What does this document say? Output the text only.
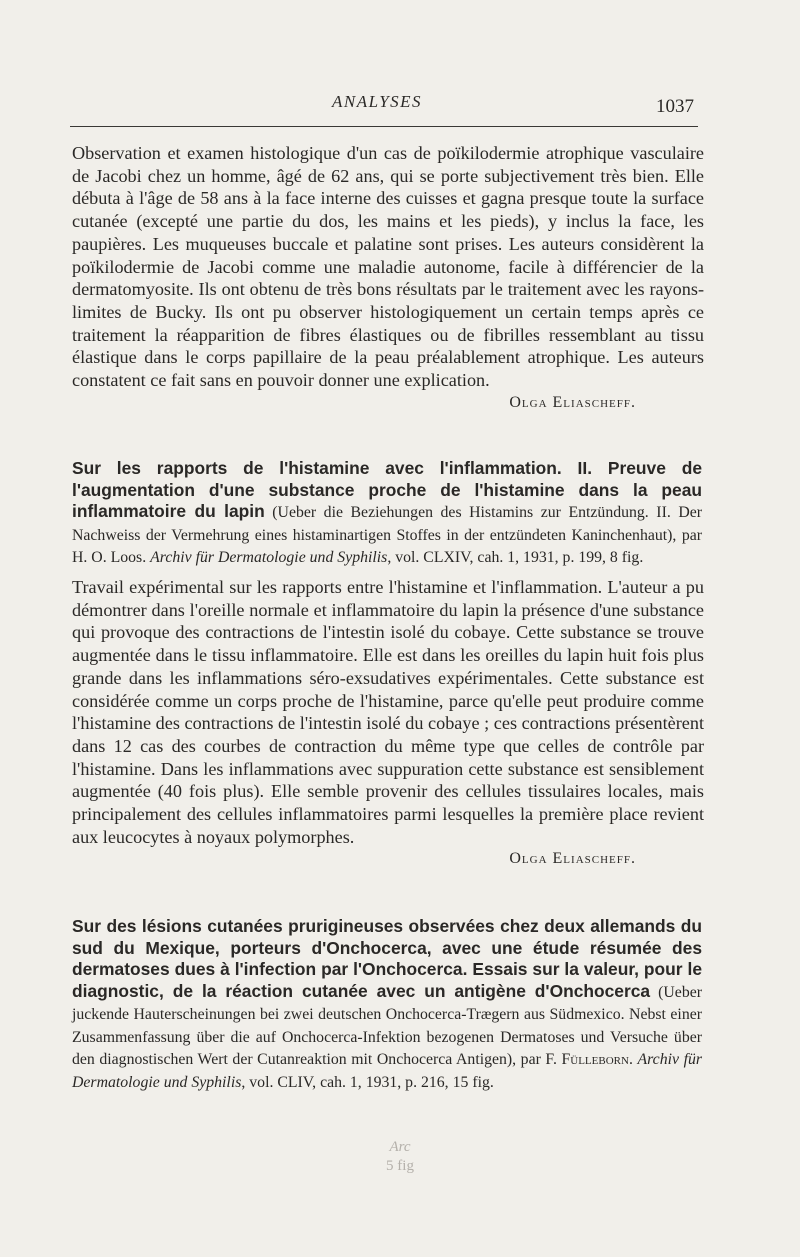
ANALYSES	1037
Observation et examen histologique d'un cas de poïkilodermie atrophique vasculaire de Jacobi chez un homme, âgé de 62 ans, qui se porte subjectivement très bien. Elle débuta à l'âge de 58 ans à la face interne des cuisses et gagna presque toute la surface cutanée (excepté une partie du dos, les mains et les pieds), y inclus la face, les paupières. Les muqueuses buccale et palatine sont prises. Les auteurs considèrent la poïkilodermie de Jacobi comme une maladie autonome, facile à différencier de la dermatomyosite. Ils ont obtenu de très bons résultats par le traitement avec les rayons-limites de Bucky. Ils ont pu observer histologiquement un certain temps après ce traitement la réapparition de fibres élastiques ou de fibrilles ressemblant au tissu élastique dans le corps papillaire de la peau préalablement atrophique. Les auteurs constatent ce fait sans en pouvoir donner une explication.
Olga Eliascheff.
Sur les rapports de l'histamine avec l'inflammation. II. Preuve de l'augmentation d'une substance proche de l'histamine dans la peau inflammatoire du lapin (Ueber die Beziehungen des Histamins zur Entzündung. II. Der Nachweiss der Vermehrung eines histaminartigen Stoffes in der entzündeten Kaninchenhaut), par H. O. Loos. Archiv für Dermatologie und Syphilis, vol. CLXIV, cah. 1, 1931, p. 199, 8 fig.
Travail expérimental sur les rapports entre l'histamine et l'inflammation. L'auteur a pu démontrer dans l'oreille normale et inflammatoire du lapin la présence d'une substance qui provoque des contractions de l'intestin isolé du cobaye. Cette substance se trouve augmentée dans le tissu inflammatoire. Elle est dans les oreilles du lapin huit fois plus grande dans les inflammations séro-exsudatives expérimentales. Cette substance est considérée comme un corps proche de l'histamine, parce qu'elle peut produire comme l'histamine des contractions de l'intestin isolé du cobaye ; ces contractions présentèrent dans 12 cas des courbes de contraction du même type que celles de contrôle par l'histamine. Dans les inflammations avec suppuration cette substance est sensiblement augmentée (40 fois plus). Elle semble provenir des cellules tissulaires locales, mais principalement des cellules inflammatoires parmi lesquelles la première place revient aux leucocytes à noyaux polymorphes.
Olga Eliascheff.
Sur des lésions cutanées prurigineuses observées chez deux allemands du sud du Mexique, porteurs d'Onchocerca, avec une étude résumée des dermatoses dues à l'infection par l'Onchocerca. Essais sur la valeur, pour le diagnostic, de la réaction cutanée avec un antigène d'Onchocerca (Ueber juckende Hauterscheinungen bei zwei deutschen Onchocerca-Trægern aus Südmexico. Nebst einer Zusammenfassung über die auf Onchocerca-Infektion bezogenen Dermatoses und Versuche über den diagnostischen Wert der Cutanreaktion mit Onchocerca Antigen), par F. Fülleborn. Archiv für Dermatologie und Syphilis, vol. CLIV, cah. 1, 1931, p. 216, 15 fig.
Arc
5 fig
